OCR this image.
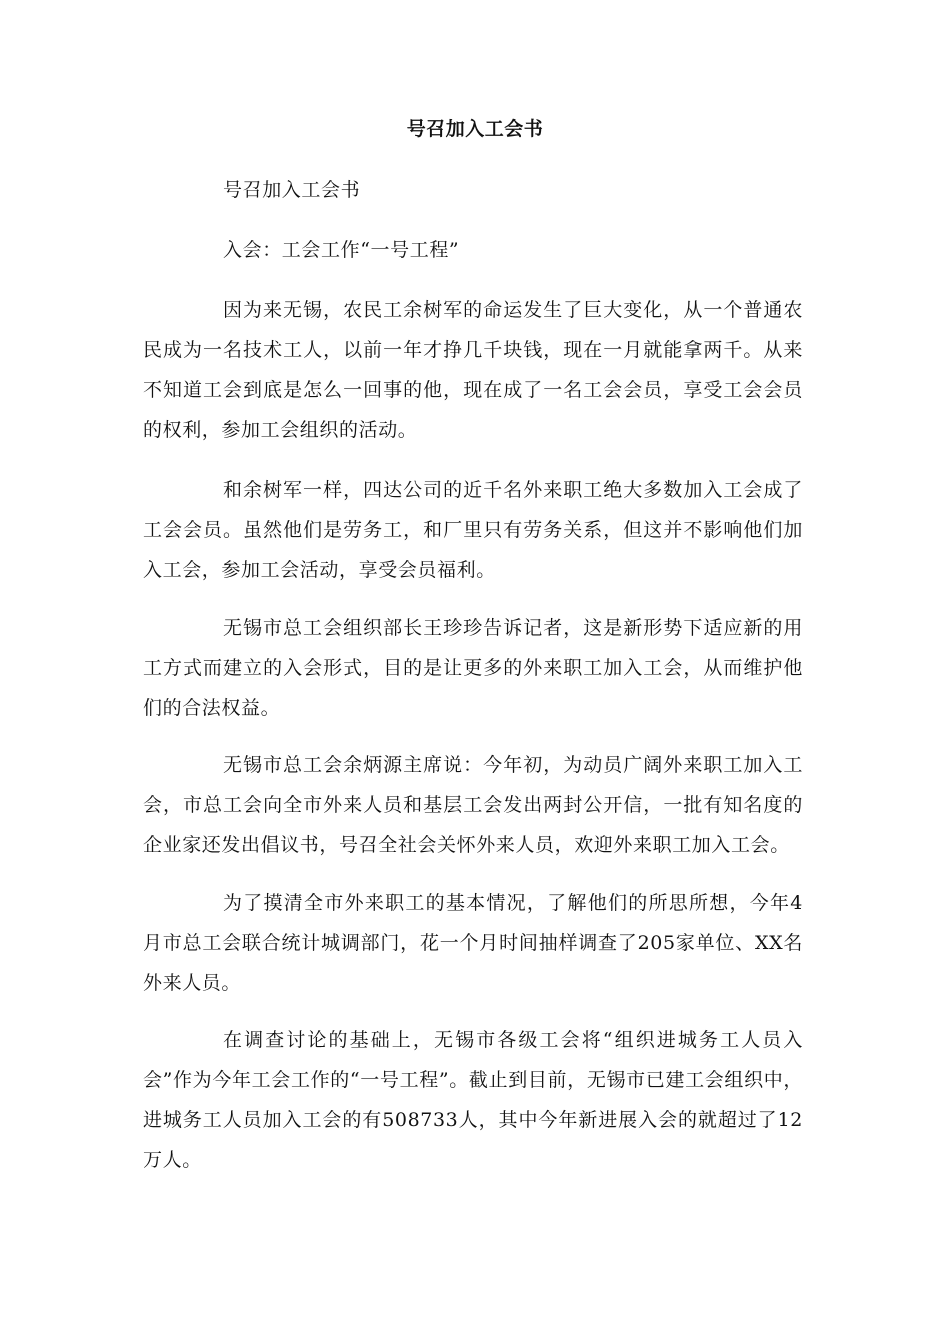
号召加入工会书
号召加入工会书
入会：工会工作“一号工程”
因为来无锡，农民工余树军的命运发生了巨大变化，从一个普通农民成为一名技术工人，以前一年才挣几千块钱，现在一月就能拿两千。从来不知道工会到底是怎么一回事的他，现在成了一名工会会员，享受工会会员的权利，参加工会组织的活动。
和余树军一样，四达公司的近千名外来职工绝大多数加入工会成了工会会员。虽然他们是劳务工，和厂里只有劳务关系，但这并不影响他们加入工会，参加工会活动，享受会员福利。
无锡市总工会组织部长王珍珍告诉记者，这是新形势下适应新的用工方式而建立的入会形式，目的是让更多的外来职工加入工会，从而维护他们的合法权益。
无锡市总工会余炳源主席说：今年初，为动员广阔外来职工加入工会，市总工会向全市外来人员和基层工会发出两封公开信，一批有知名度的企业家还发出倡议书，号召全社会关怀外来人员，欢迎外来职工加入工会。
为了摸清全市外来职工的基本情况，了解他们的所思所想，今年4月市总工会联合统计城调部门，花一个月时间抽样调查了205家单位、XX名外来人员。
在调查讨论的基础上，无锡市各级工会将“组织进城务工人员入会”作为今年工会工作的“一号工程”。截止到目前，无锡市已建工会组织中，进城务工人员加入工会的有508733人，其中今年新进展入会的就超过了12万人。
